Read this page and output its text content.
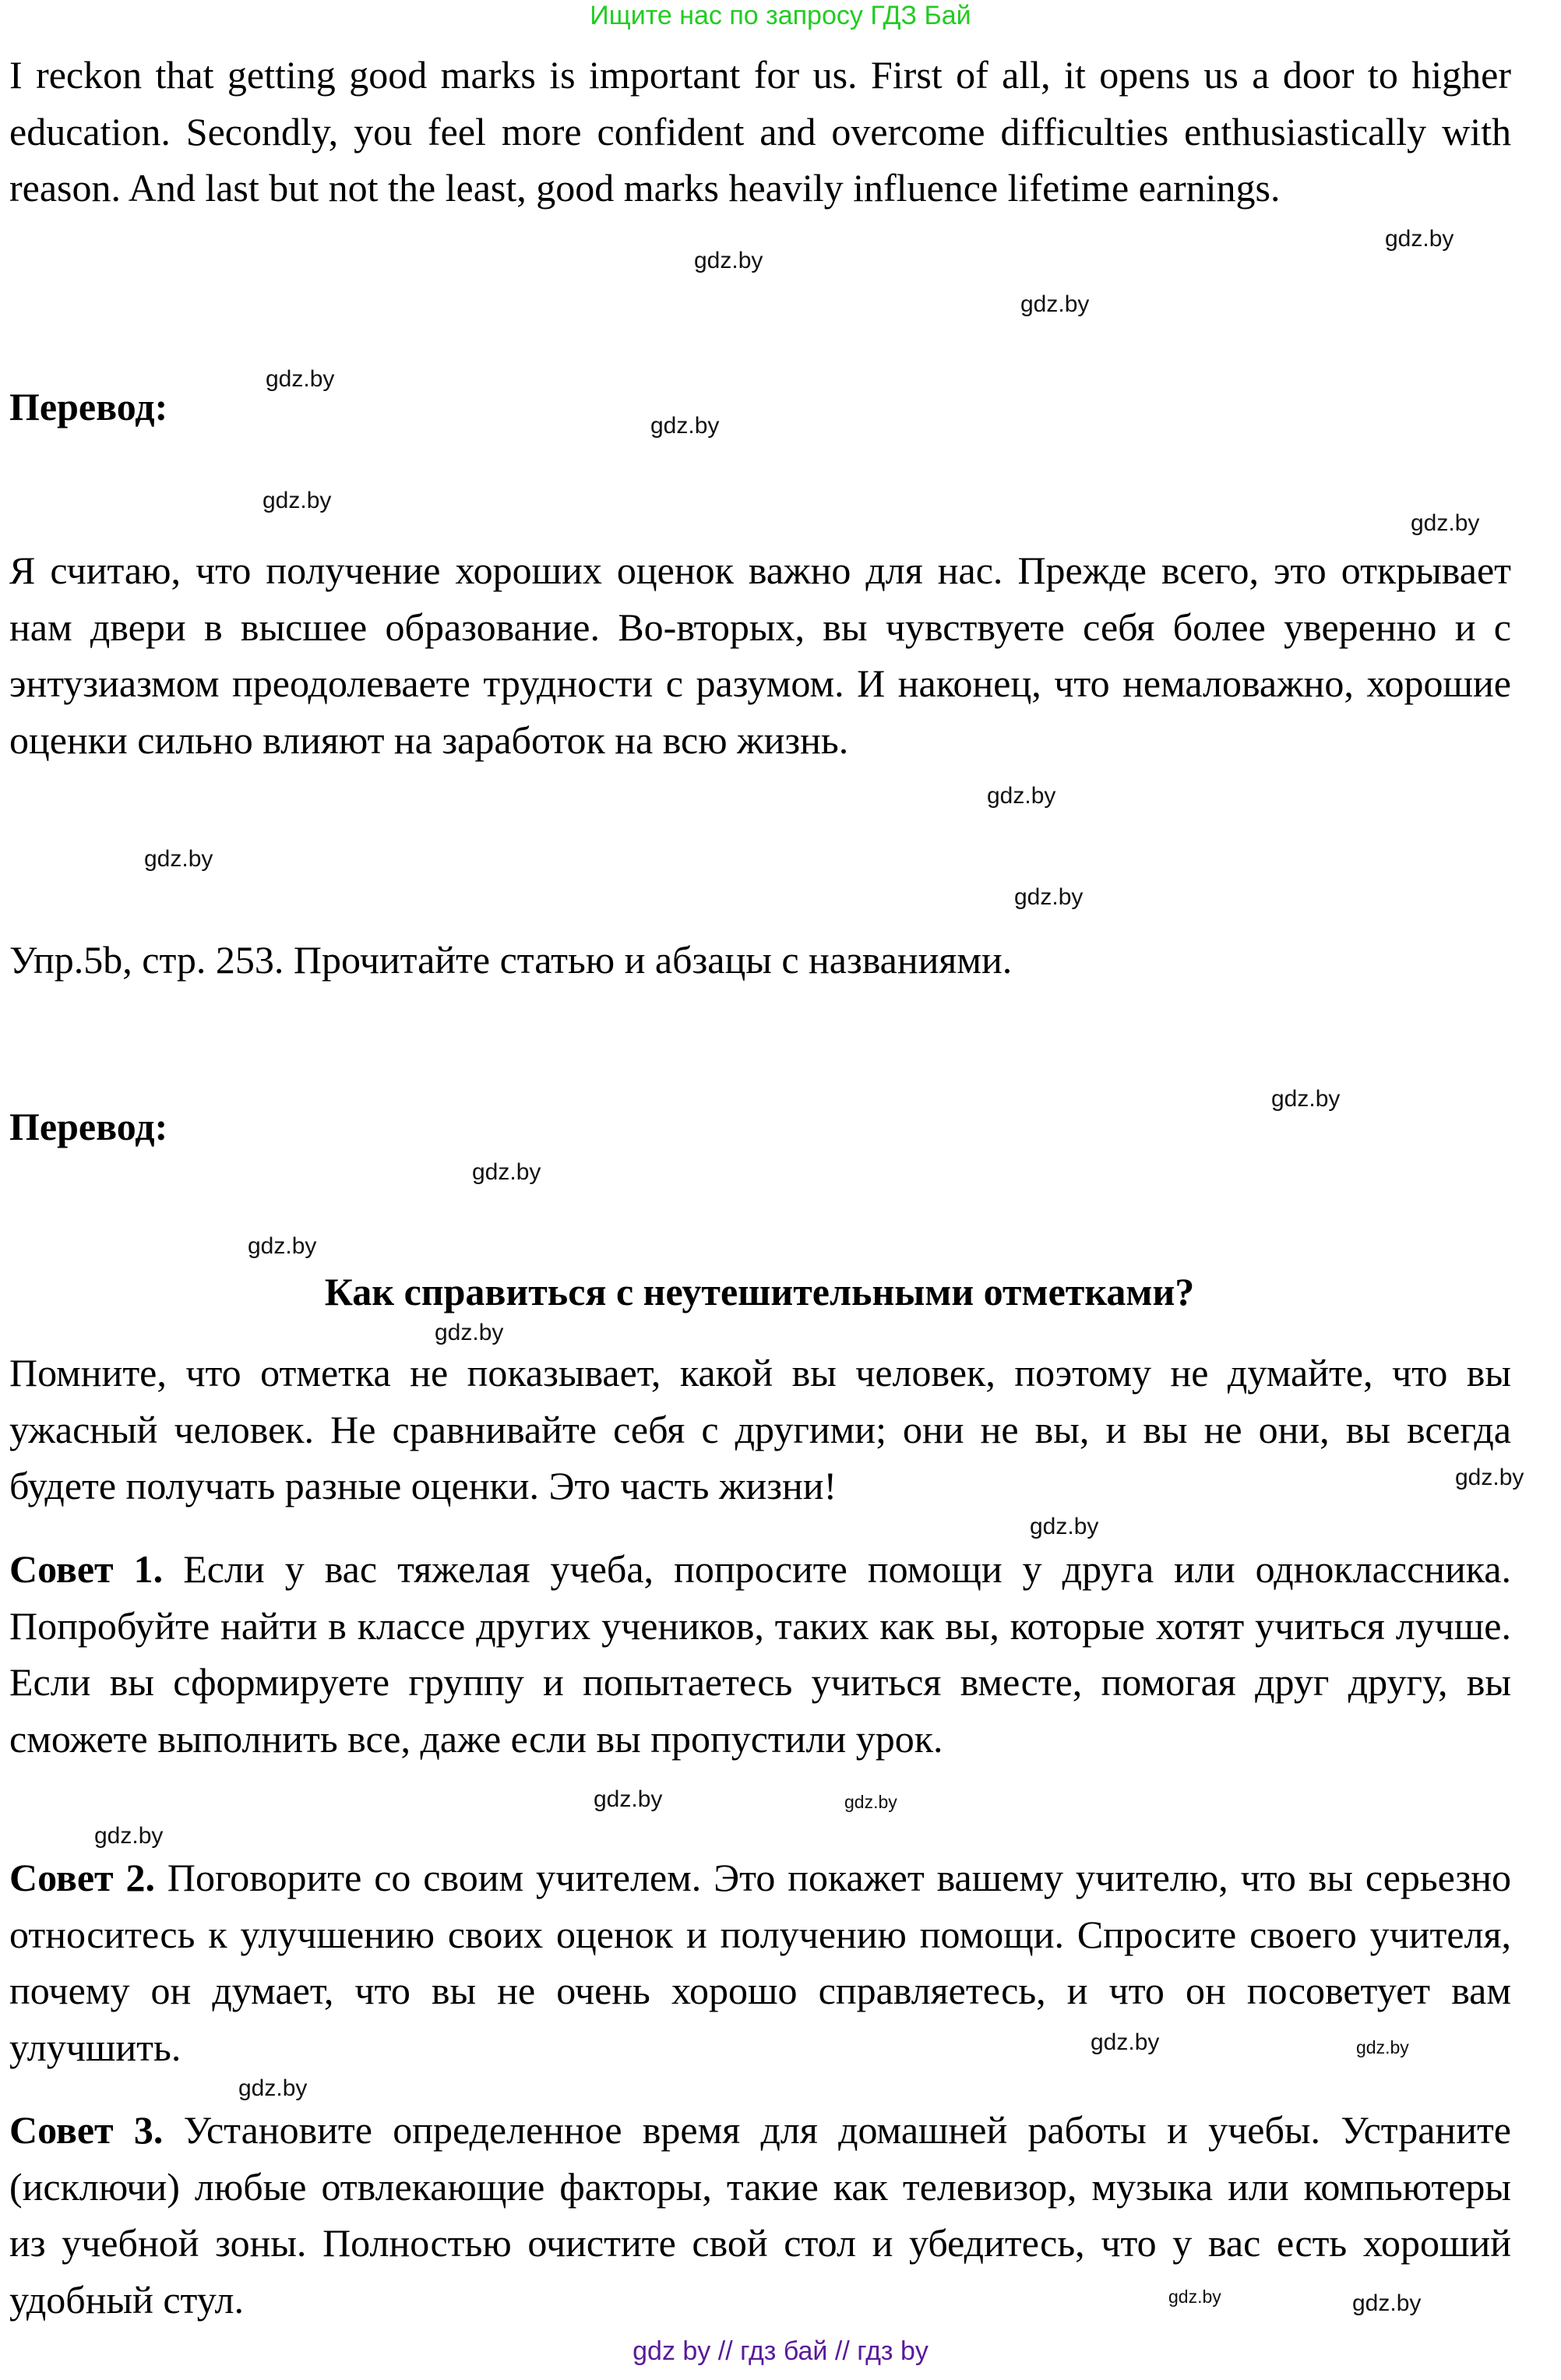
Ищите нас по запросу ГДЗ Бай
I reckon that getting good marks is important for us. First of all, it opens us a door to higher education. Secondly, you feel more confident and overcome difficulties enthusiastically with reason. And last but not the least, good marks heavily influence lifetime earnings.
Перевод:
Я считаю, что получение хороших оценок важно для нас. Прежде всего, это открывает нам двери в высшее образование. Во-вторых, вы чувствуете себя более уверенно и с энтузиазмом преодолеваете трудности с разумом. И наконец, что немаловажно, хорошие оценки сильно влияют на заработок на всю жизнь.
Упр.5b, стр. 253. Прочитайте статью и абзацы с названиями.
Перевод:
Как справиться с неутешительными отметками?
Помните, что отметка не показывает, какой вы человек, поэтому не думайте, что вы ужасный человек. Не сравнивайте себя с другими; они не вы, и вы не они, вы всегда будете получать разные оценки. Это часть жизни!
Совет 1. Если у вас тяжелая учеба, попросите помощи у друга или одноклассника. Попробуйте найти в классе других учеников, таких как вы, которые хотят учиться лучше. Если вы сформируете группу и попытаетесь учиться вместе, помогая друг другу, вы сможете выполнить все, даже если вы пропустили урок.
Совет 2. Поговорите со своим учителем. Это покажет вашему учителю, что вы серьезно относитесь к улучшению своих оценок и получению помощи. Спросите своего учителя, почему он думает, что вы не очень хорошо справляетесь, и что он посоветует вам улучшить.
Совет 3. Установите определенное время для домашней работы и учебы. Устраните (исключи) любые отвлекающие факторы, такие как телевизор, музыка или компьютеры из учебной зоны. Полностью очистите свой стол и убедитесь, что у вас есть хороший удобный стул.
gdz.by
gdz.by
gdz.by
gdz.by
gdz.by
gdz.by
gdz.by
gdz.by
gdz.by
gdz.by
gdz.by
gdz.by
gdz.by
gdz.by
gdz.by
gdz.by
gdz.by
gdz.by
gdz.by
gdz.by
gdz.by
gdz.by
gdz.by
gdz.by
gdz by // гдз бай // гдз by
